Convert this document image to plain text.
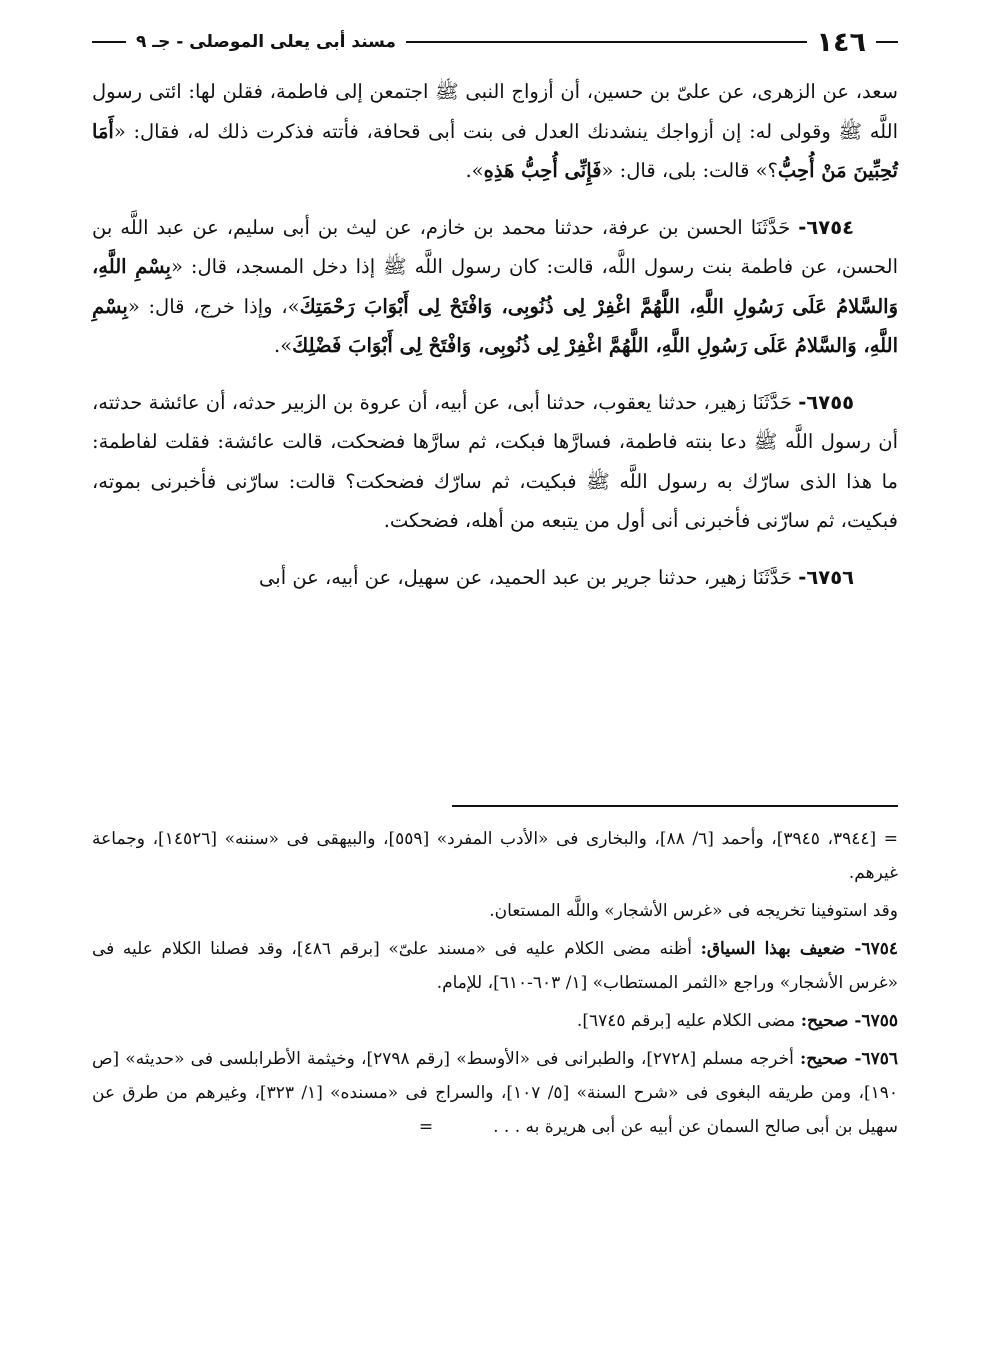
١٤٦
مسند أبى يعلى الموصلى - جـ ٩

سعد، عن الزهرى، عن علىّ بن حسين، أن أزواج النبى ﷺ اجتمعن إلى فاطمة، فقلن لها: ائتى رسول اللَّه ﷺ وقولى له: إن أزواجك ينشدنك العدل فى بنت أبى قحافة، فأتته فذكرت ذلك له، فقال: «أَمَا تُحِبِّينَ مَنْ أُحِبُّ؟» قالت: بلى، قال: «فَإِنِّى أُحِبُّ هَذِهِ».

٦٧٥٤- حَدَّثَنَا الحسن بن عرفة، حدثنا محمد بن خازم، عن ليث بن أبى سليم، عن عبد اللَّه بن الحسن، عن فاطمة بنت رسول اللَّه، قالت: كان رسول اللَّه ﷺ إذا دخل المسجد، قال: «بِسْمِ اللَّهِ، وَالسَّلامُ عَلَى رَسُولِ اللَّهِ، اللَّهُمَّ اغْفِرْ لِى ذُنُوبِى، وَافْتَحْ لِى أَبْوَابَ رَحْمَتِكَ»، وإذا خرج، قال: «بِسْمِ اللَّهِ، وَالسَّلامُ عَلَى رَسُولِ اللَّهِ، اللَّهُمَّ اغْفِرْ لِى ذُنُوبِى، وَافْتَحْ لِى أَبْوَابَ فَضْلِكَ».

٦٧٥٥- حَدَّثَنَا زهير، حدثنا يعقوب، حدثنا أبى، عن أبيه، أن عروة بن الزبير حدثه، أن عائشة حدثته، أن رسول اللَّه ﷺ دعا بنته فاطمة، فسارَّها فبكت، ثم سارَّها فضحكت، قالت عائشة: فقلت لفاطمة: ما هذا الذى سارّك به رسول اللَّه ﷺ فبكيت، ثم سارّك فضحكت؟ قالت: سارّنى فأخبرنى بموته، فبكيت، ثم سارّنى فأخبرنى أنى أول من يتبعه من أهله، فضحكت.

٦٧٥٦- حَدَّثَنَا زهير، حدثنا جرير بن عبد الحميد، عن سهيل، عن أبيه، عن أبى

= [٣٩٤٤، ٣٩٤٥]، وأحمد [٦/ ٨٨]، والبخارى فى «الأدب المفرد» [٥٥٩]، والبيهقى فى «سننه» [١٤٥٢٦]، وجماعة غيرهم.

وقد استوفينا تخريجه فى «غرس الأشجار» واللَّه المستعان.

٦٧٥٤- ضعيف بهذا السياق: أظنه مضى الكلام عليه فى «مسند علىّ» [برقم ٤٨٦]، وقد فصلنا الكلام عليه فى «غرس الأشجار» وراجع «الثمر المستطاب» [١/ ٦٠٣-٦١٠]، للإمام.

٦٧٥٥- صحيح: مضى الكلام عليه [برقم ٦٧٤٥].

٦٧٥٦- صحيح: أخرجه مسلم [٢٧٢٨]، والطبرانى فى «الأوسط» [رقم ٢٧٩٨]، وخيثمة الأطرابلسى فى «حديثه» [ص ١٩٠]، ومن طريقه البغوى فى «شرح السنة» [٥/ ١٠٧]، والسراج فى «مسنده» [١/ ٣٢٣]، وغيرهم من طرق عن سهيل بن أبى صالح السمان عن أبيه عن أبى هريرة به . . .=
